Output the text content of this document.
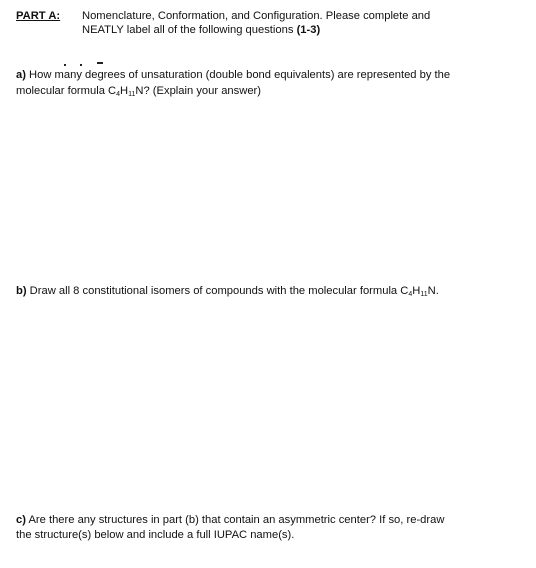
PART A: Nomenclature, Conformation, and Configuration. Please complete and
NEATLY label all of the following questions (1-3)
a) How many degrees of unsaturation (double bond equivalents) are represented by the
molecular formula $C_4H_{11}N$? (Explain your answer)
b) Draw all 8 constitutional isomers of compounds with the molecular formula $C_4H_{11}N$.
c) Are there any structures in part (b) that contain an asymmetric center? If so, re-draw
the structure(s) below and include a full IUPAC name(s).
